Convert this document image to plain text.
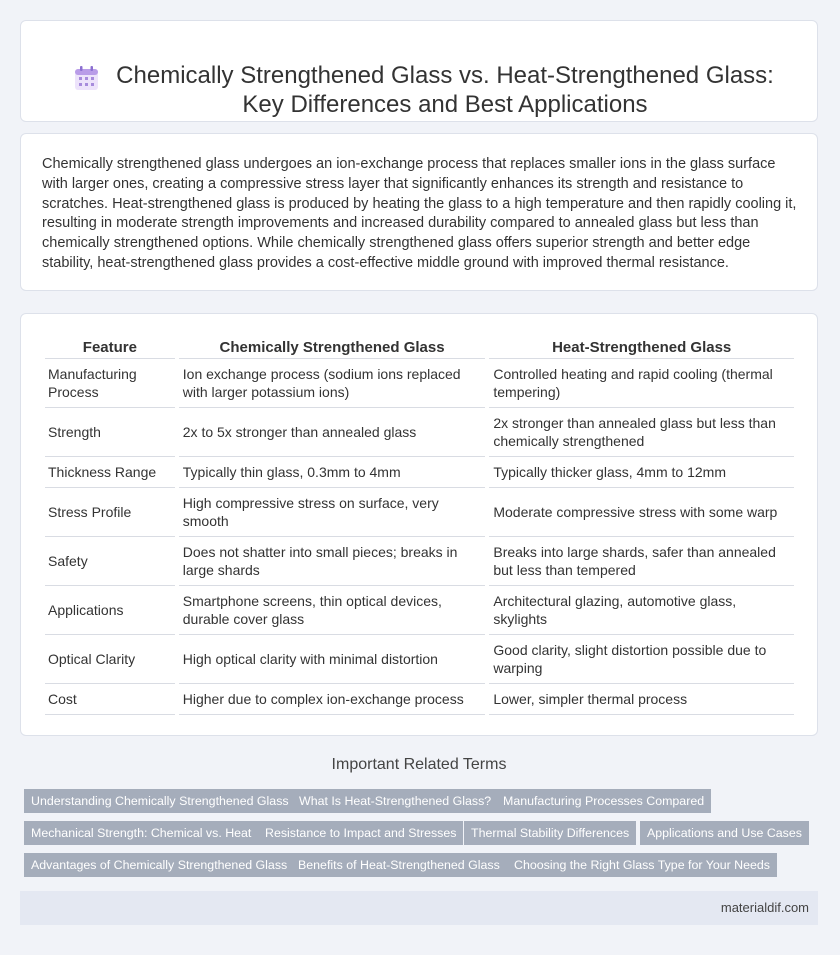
Chemically Strengthened Glass vs. Heat-Strengthened Glass: Key Differences and Best Applications

Chemically strengthened glass undergoes an ion-exchange process that replaces smaller ions in the glass surface with larger ones, creating a compressive stress layer that significantly enhances its strength and resistance to scratches. Heat-strengthened glass is produced by heating the glass to a high temperature and then rapidly cooling it, resulting in moderate strength improvements and increased durability compared to annealed glass but less than chemically strengthened options. While chemically strengthened glass offers superior strength and better edge stability, heat-strengthened glass provides a cost-effective middle ground with improved thermal resistance.

Feature	Chemically Strengthened Glass	Heat-Strengthened Glass
Manufacturing Process	Ion exchange process (sodium ions replaced with larger potassium ions)	Controlled heating and rapid cooling (thermal tempering)
Strength	2x to 5x stronger than annealed glass	2x stronger than annealed glass but less than chemically strengthened
Thickness Range	Typically thin glass, 0.3mm to 4mm	Typically thicker glass, 4mm to 12mm
Stress Profile	High compressive stress on surface, very smooth	Moderate compressive stress with some warp
Safety	Does not shatter into small pieces; breaks in large shards	Breaks into large shards, safer than annealed but less than tempered
Applications	Smartphone screens, thin optical devices, durable cover glass	Architectural glazing, automotive glass, skylights
Optical Clarity	High optical clarity with minimal distortion	Good clarity, slight distortion possible due to warping
Cost	Higher due to complex ion-exchange process	Lower, simpler thermal process
Important Related Terms
Understanding Chemically Strengthened Glass What Is Heat-Strengthened Glass? Manufacturing Processes Compared
Mechanical Strength: Chemical vs. Heat	Resistance to Impact and Stresses	Thermal Stability Differences	Applications and Use Cases
Advantages of Chemically Strengthened Glass Benefits of Heat-Strengthened Glass	Choosing the Right Glass Type for Your Needs
materialdif.com
